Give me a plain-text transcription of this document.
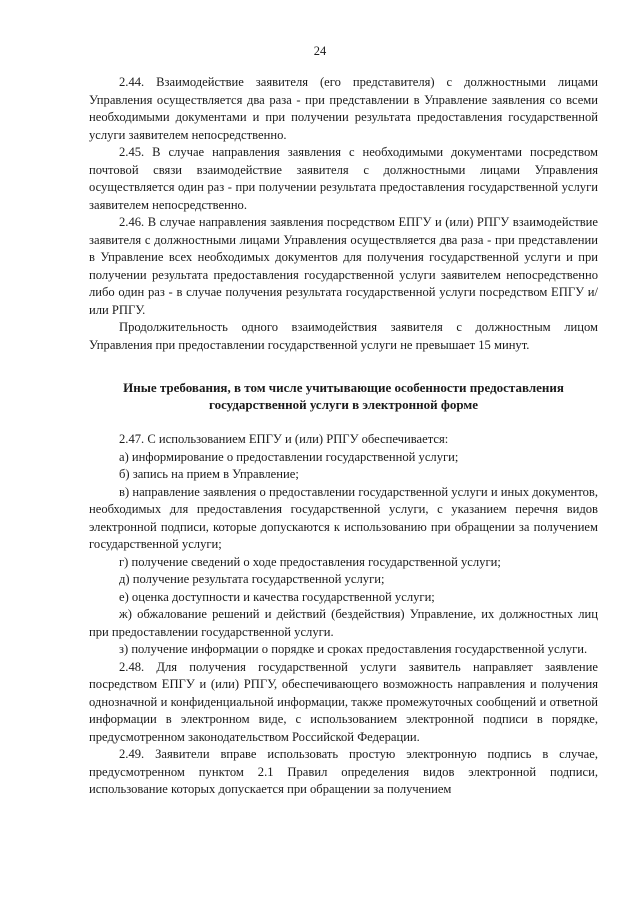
24

2.44. Взаимодействие заявителя (его представителя) с должностными лицами Управления осуществляется два раза - при представлении в Управление заявления со всеми необходимыми документами и при получении результата предоставления государственной услуги заявителем непосредственно.

2.45. В случае направления заявления с необходимыми документами посредством почтовой связи взаимодействие заявителя с должностными лицами Управления осуществляется один раз - при получении результата предоставления государственной услуги заявителем непосредственно.

2.46. В случае направления заявления посредством ЕПГУ и (или) РПГУ взаимодействие заявителя с должностными лицами Управления осуществляется два раза - при представлении в Управление всех необходимых документов для получения государственной услуги и при получении результата предоставления государственной услуги заявителем непосредственно либо один раз - в случае получения результата государственной услуги посредством ЕПГУ и/или РПГУ.

Продолжительность одного взаимодействия заявителя с должностным лицом Управления при предоставлении государственной услуги не превышает 15 минут.

Иные требования, в том числе учитывающие особенности предоставления государственной услуги в электронной форме

2.47. С использованием ЕПГУ и (или) РПГУ обеспечивается:

а) информирование о предоставлении государственной услуги;

б) запись на прием в Управление;

в) направление заявления о предоставлении государственной услуги и иных документов, необходимых для предоставления государственной услуги, с указанием перечня видов электронной подписи, которые допускаются к использованию при обращении за получением государственной услуги;

г) получение сведений о ходе предоставления государственной услуги;

д) получение результата государственной услуги;

е) оценка доступности и качества государственной услуги;

ж) обжалование решений и действий (бездействия) Управление, их должностных лиц при предоставлении государственной услуги.

з) получение информации о порядке и сроках предоставления государственной услуги.

2.48. Для получения государственной услуги заявитель направляет заявление посредством ЕПГУ и (или) РПГУ, обеспечивающего возможность направления и получения однозначной и конфиденциальной информации, также промежуточных сообщений и ответной информации в электронном виде, с использованием электронной подписи в порядке, предусмотренном законодательством Российской Федерации.

2.49. Заявители вправе использовать простую электронную подпись в случае, предусмотренном пунктом 2.1 Правил определения видов электронной подписи, использование которых допускается при обращении за получением
